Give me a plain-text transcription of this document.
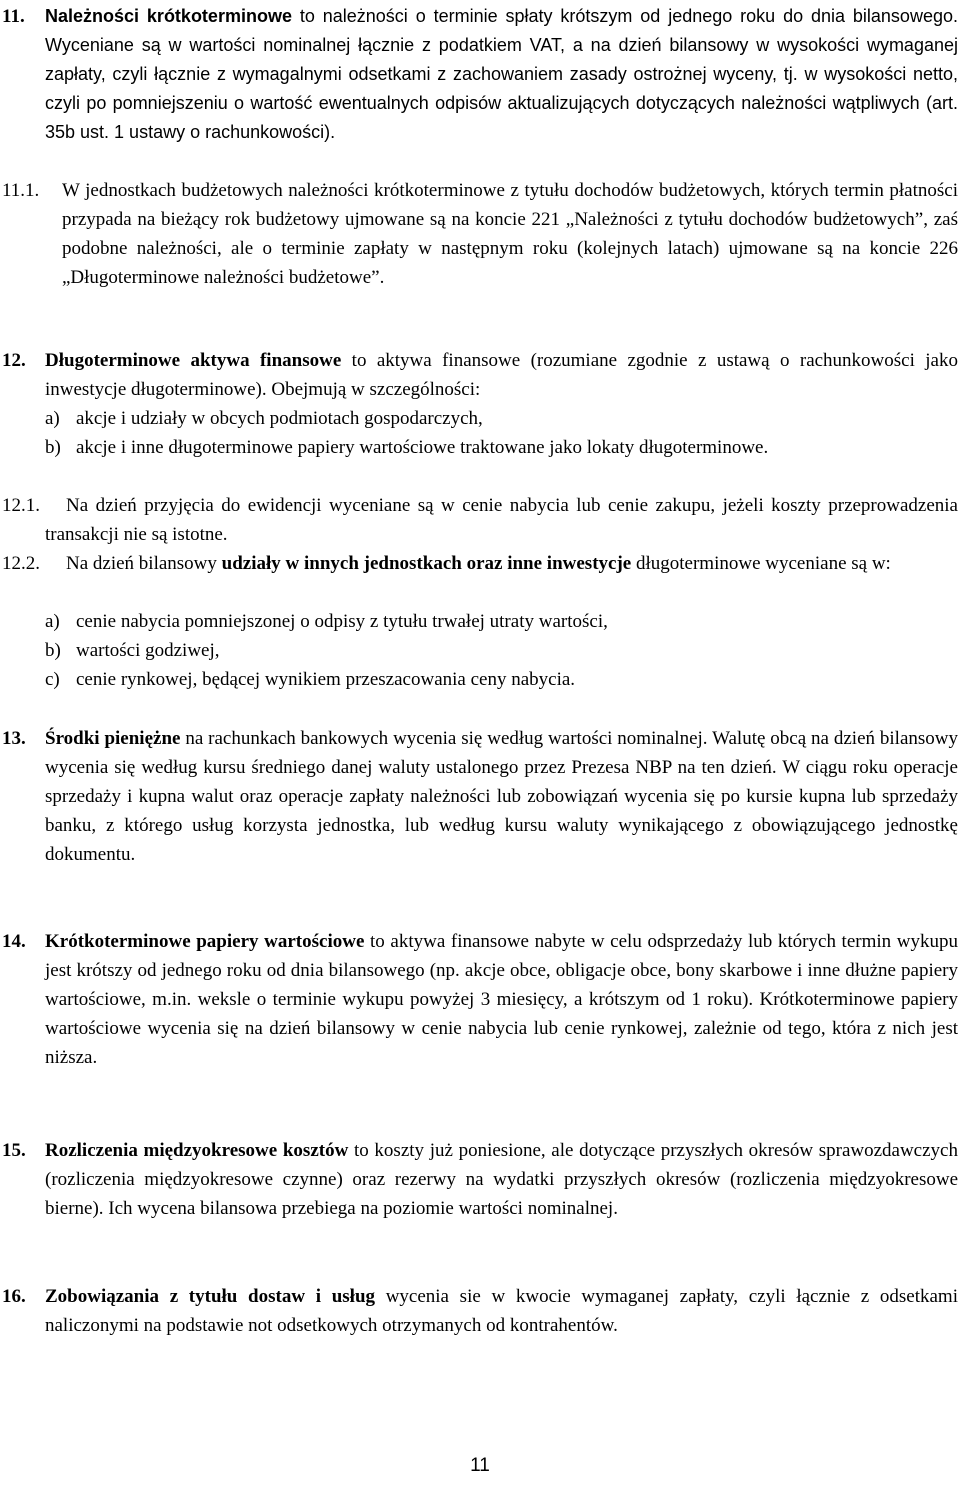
11. Należności krótkoterminowe to należności o terminie spłaty krótszym od jednego roku do dnia bilansowego. Wyceniane są w wartości nominalnej łącznie z podatkiem VAT, a na dzień bilansowy w wysokości wymaganej zapłaty, czyli łącznie z wymagalnymi odsetkami z zachowaniem zasady ostrożnej wyceny, tj. w wysokości netto, czyli po pomniejszeniu o wartość ewentualnych odpisów aktualizujących dotyczących należności wątpliwych (art. 35b ust. 1 ustawy o rachunkowości).
11.1. W jednostkach budżetowych należności krótkoterminowe z tytułu dochodów budżetowych, których termin płatności przypada na bieżący rok budżetowy ujmowane są na koncie 221 „Należności z tytułu dochodów budżetowych”, zaś podobne należności, ale o terminie zapłaty w następnym roku (kolejnych latach) ujmowane są na koncie 226 „Długoterminowe należności budżetowe”.
12. Długoterminowe aktywa finansowe to aktywa finansowe (rozumiane zgodnie z ustawą o rachunkowości jako inwestycje długoterminowe). Obejmują w szczególności:
a) akcje i udziały w obcych podmiotach gospodarczych,
b) akcje i inne długoterminowe papiery wartościowe traktowane jako lokaty długoterminowe.
12.1.	Na dzień przyjęcia do ewidencji wyceniane są w cenie nabycia lub cenie zakupu, jeżeli koszty przeprowadzenia transakcji nie są istotne.
12.2.	Na dzień bilansowy udziały w innych jednostkach oraz inne inwestycje długoterminowe wyceniane są w:
a) cenie nabycia pomniejszonej o odpisy z tytułu trwałej utraty wartości,
b) wartości godziwej,
c) cenie rynkowej, będącej wynikiem przeszacowania ceny nabycia.
13. Środki pieniężne na rachunkach bankowych wycenia się według wartości nominalnej. Walutę obcą na dzień bilansowy wycenia się według kursu średniego danej waluty ustalonego przez Prezesa NBP na ten dzień. W ciągu roku operacje sprzedaży i kupna walut oraz operacje zapłaty należności lub zobowiązań wycenia się po kursie kupna lub sprzedaży banku, z którego usług korzysta jednostka, lub według kursu waluty wynikającego z obowiązującego jednostkę dokumentu.
14. Krótkoterminowe papiery wartościowe to aktywa finansowe nabyte w celu odsprzedaży lub których termin wykupu jest krótszy od jednego roku od dnia bilansowego (np. akcje obce, obligacje obce, bony skarbowe i inne dłużne papiery wartościowe, m.in. weksle o terminie wykupu powyżej 3 miesięcy, a krótszym od 1 roku). Krótkoterminowe papiery wartościowe wycenia się na dzień bilansowy w cenie nabycia lub cenie rynkowej, zależnie od tego, która z nich jest niższa.
15. Rozliczenia międzyokresowe kosztów to koszty już poniesione, ale dotyczące przyszłych okresów sprawozdawczych (rozliczenia międzyokresowe czynne) oraz rezerwy na wydatki przyszłych okresów (rozliczenia międzyokresowe bierne). Ich wycena bilansowa przebiega na poziomie wartości nominalnej.
16. Zobowiązania z tytułu dostaw i usług wycenia sie w kwocie wymaganej zapłaty, czyli łącznie z odsetkami naliczonymi na podstawie not odsetkowych otrzymanych od kontrahentów.
11
